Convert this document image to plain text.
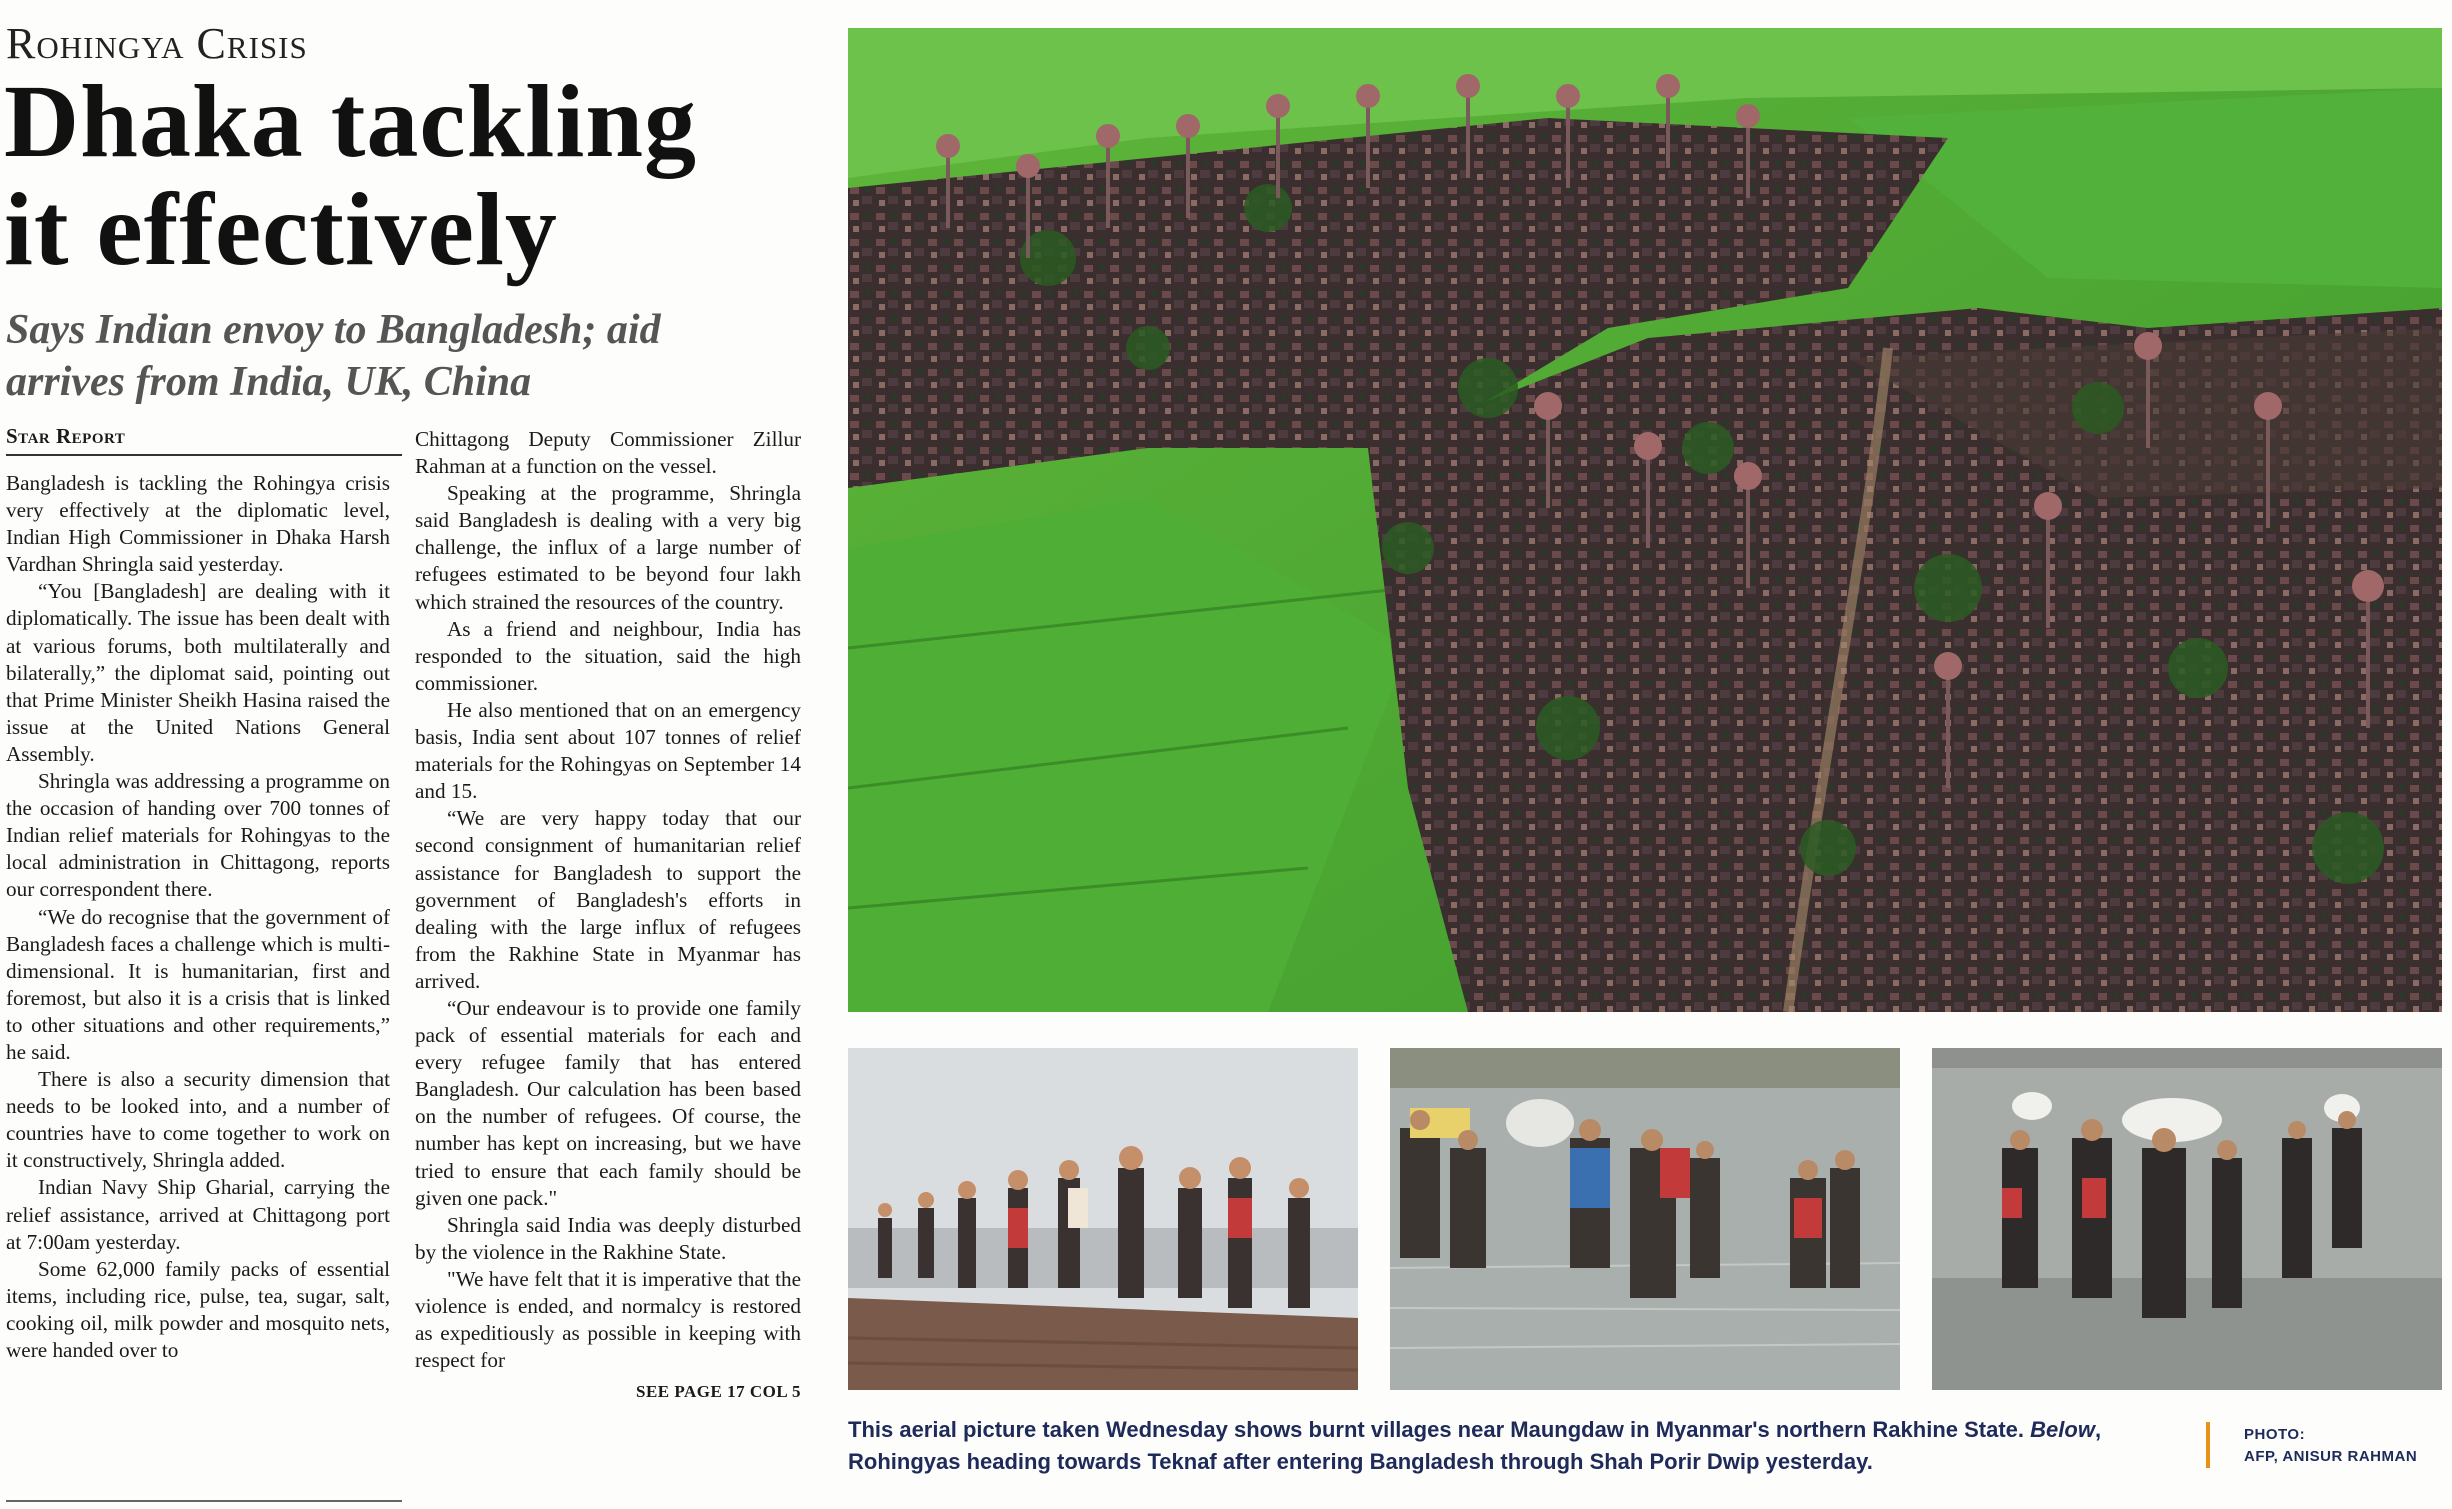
Rohingya Crisis
Dhaka tackling
it effectively
Says Indian envoy to Bangladesh; aid
arrives from India, UK, China
Star Report

Bangladesh is tackling the Rohingya crisis very effectively at the diplomatic level, Indian High Commissioner in Dhaka Harsh Vardhan Shringla said yesterday.

“You [Bangladesh] are dealing with it diplomatically. The issue has been dealt with at various forums, both multilaterally and bilaterally,” the diplomat said, pointing out that Prime Minister Sheikh Hasina raised the issue at the United Nations General Assembly.

Shringla was addressing a programme on the occasion of handing over 700 tonnes of Indian relief materials for Rohingyas to the local administration in Chittagong, reports our correspondent there.

“We do recognise that the government of Bangladesh faces a challenge which is multi-dimensional. It is humanitarian, first and foremost, but also it is a crisis that is linked to other situations and other requirements,” he said.

There is also a security dimension that needs to be looked into, and a number of countries have to come together to work on it constructively, Shringla added.

Indian Navy Ship Gharial, carrying the relief assistance, arrived at Chittagong port at 7:00am yesterday.

Some 62,000 family packs of essential items, including rice, pulse, tea, sugar, salt, cooking oil, milk powder and mosquito nets, were handed over to

Chittagong Deputy Commissioner Zillur Rahman at a function on the vessel.

Speaking at the programme, Shringla said Bangladesh is dealing with a very big challenge, the influx of a large number of refugees estimated to be beyond four lakh which strained the resources of the country.

As a friend and neighbour, India has responded to the situation, said the high commissioner.

He also mentioned that on an emergency basis, India sent about 107 tonnes of relief materials for the Rohingyas on September 14 and 15.

“We are very happy today that our second consignment of humanitarian relief assistance for Bangladesh to support the government of Bangladesh's efforts in dealing with the large influx of refugees from the Rakhine State in Myanmar has arrived.

“Our endeavour is to provide one family pack of essential materials for each and every refugee family that has entered Bangladesh. Our calculation has been based on the number of refugees. Of course, the number has kept on increasing, but we have tried to ensure that each family should be given one pack."

Shringla said India was deeply disturbed by the violence in the Rakhine State.

"We have felt that it is imperative that the violence is ended, and normalcy is restored as expeditiously as possible in keeping with respect for

SEE PAGE 17 COL 5
This aerial picture taken Wednesday shows burnt villages near Maungdaw in Myanmar's northern Rakhine State. Below, Rohingyas heading towards Teknaf after entering Bangladesh through Shah Porir Dwip yesterday.
PHOTO:
AFP, ANISUR RAHMAN
